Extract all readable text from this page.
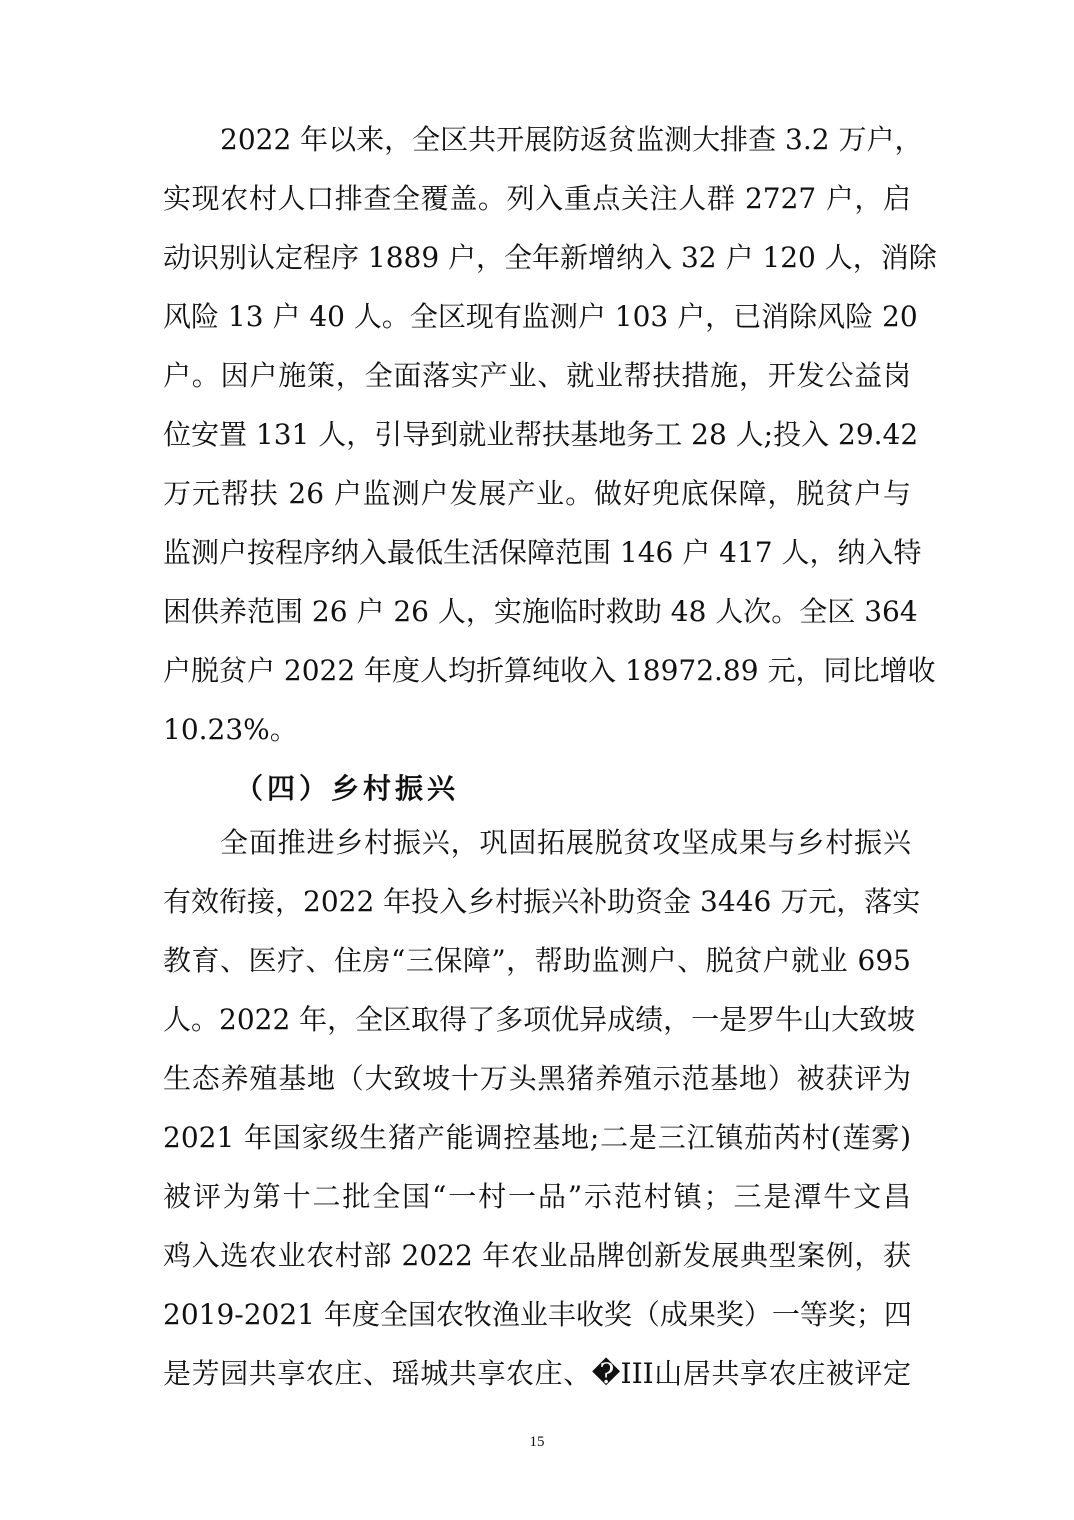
2022 年以来，全区共开展防返贫监测大排查 3.2 万户，
实现农村人口排查全覆盖。列入重点关注人群 2727 户，启
动识别认定程序 1889 户，全年新增纳入 32 户 120 人，消除
风险 13 户 40 人。全区现有监测户 103 户，已消除风险 20
户。因户施策，全面落实产业、就业帮扶措施，开发公益岗
位安置 131 人，引导到就业帮扶基地务工 28 人;投入 29.42
万元帮扶 26 户监测户发展产业。做好兜底保障，脱贫户与
监测户按程序纳入最低生活保障范围 146 户 417 人，纳入特
困供养范围 26 户 26 人，实施临时救助 48 人次。全区 364
户脱贫户 2022 年度人均折算纯收入 18972.89 元，同比增收
10.23%。
（四）乡村振兴
全面推进乡村振兴，巩固拓展脱贫攻坚成果与乡村振兴
有效衔接，2022 年投入乡村振兴补助资金 3446 万元，落实
教育、医疗、住房“三保障”，帮助监测户、脱贫户就业 695
人。2022 年，全区取得了多项优异成绩，一是罗牛山大致坡
生态养殖基地（大致坡十万头黑猪养殖示范基地）被获评为
2021 年国家级生猪产能调控基地;二是三江镇茄芮村(莲雾)
被评为第十二批全国“一村一品”示范村镇；三是潭牛文昌
鸡入选农业农村部 2022 年农业品牌创新发展典型案例，获
2019-2021 年度全国农牧渔业丰收奖（成果奖）一等奖；四
是芳园共享农庄、瑶城共享农庄、�III山居共享农庄被评定
15
